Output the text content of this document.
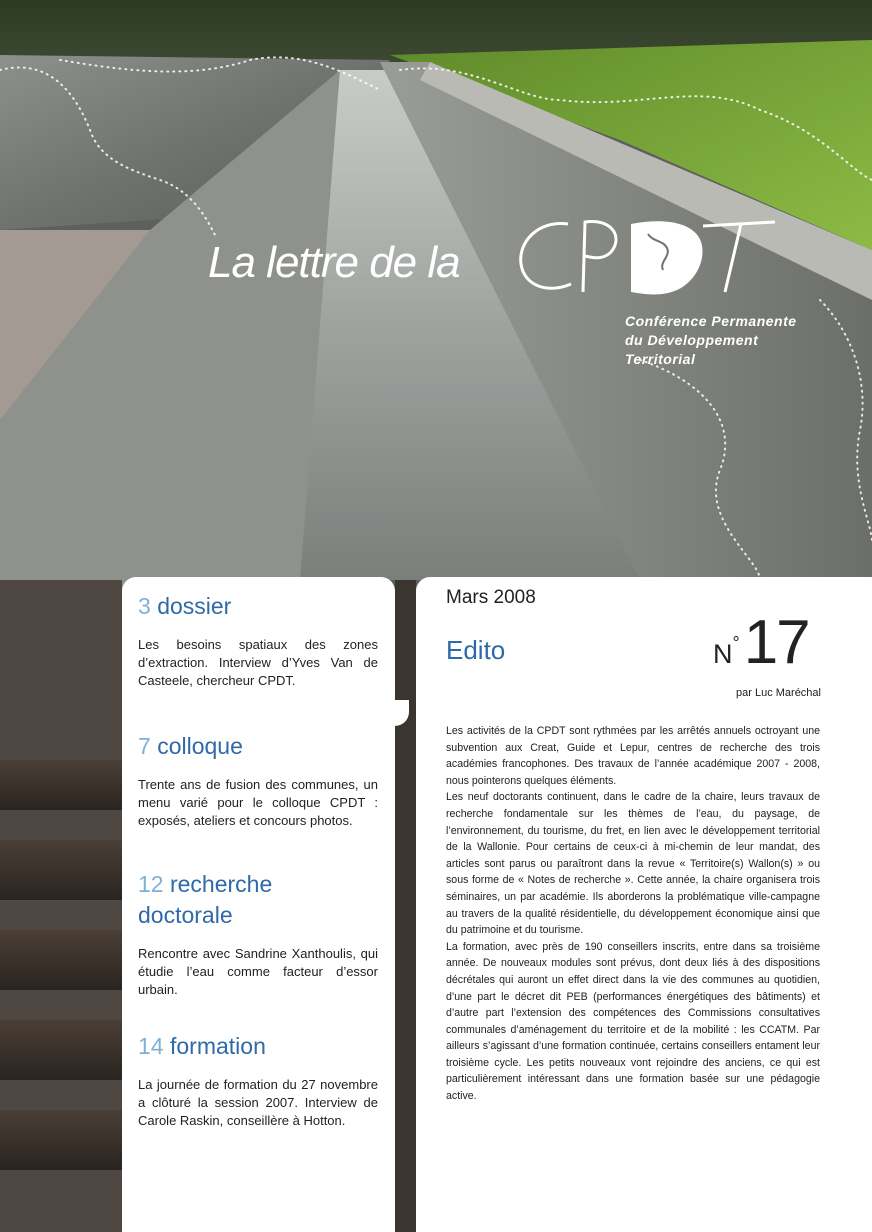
La lettre de la
CPDT
Conférence Permanente
du Développement
Territorial
3 dossier

Les besoins spatiaux des zones d’extraction. Interview d’Yves Van de Casteele, chercheur CPDT.

7 colloque

Trente ans de fusion des communes, un menu varié pour le colloque CPDT : exposés, ateliers et concours photos.

12 recherche
doctorale

Rencontre avec Sandrine Xanthoulis, qui étudie l’eau comme facteur d’essor urbain.

14 formation

La journée de formation du 27 novembre a clôturé la session 2007. Interview de Carole Raskin, conseillère à Hotton.

Mars 2008
Edito	N°17
par Luc Maréchal

Les activités de la CPDT sont rythmées par les arrêtés annuels octroyant une subvention aux Creat, Guide et Lepur, centres de recherche des trois académies francophones. Des travaux de l’année académique 2007 - 2008, nous pointerons quelques éléments.

Les neuf doctorants continuent, dans le cadre de la chaire, leurs travaux de recherche fondamentale sur les thèmes de l’eau, du paysage, de l’environnement, du tourisme, du fret, en lien avec le développement territorial de la Wallonie. Pour certains de ceux-ci à mi-chemin de leur mandat, des articles sont parus ou paraîtront dans la revue « Territoire(s) Wallon(s) » ou sous forme de « Notes de recherche ». Cette année, la chaire organisera trois séminaires, un par académie. Ils aborderons la problématique ville-campagne au travers de la qualité résidentielle, du développement économique ainsi que du patrimoine et du tourisme.

La formation, avec près de 190 conseillers inscrits, entre dans sa troisième année. De nouveaux modules sont prévus, dont deux liés à des dispositions décrétales qui auront un effet direct dans la vie des communes au quotidien, d’une part le décret dit PEB (performances énergétiques des bâtiments) et d’autre part l’extension des compétences des Commissions consultatives communales d’aménagement du territoire et de la mobilité : les CCATM. Par ailleurs s’agissant d’une formation continuée, certains conseillers entament leur troisième cycle. Les petits nouveaux vont rejoindre des anciens, ce qui est particulièrement intéressant dans une formation basée sur une pédagogie active.
